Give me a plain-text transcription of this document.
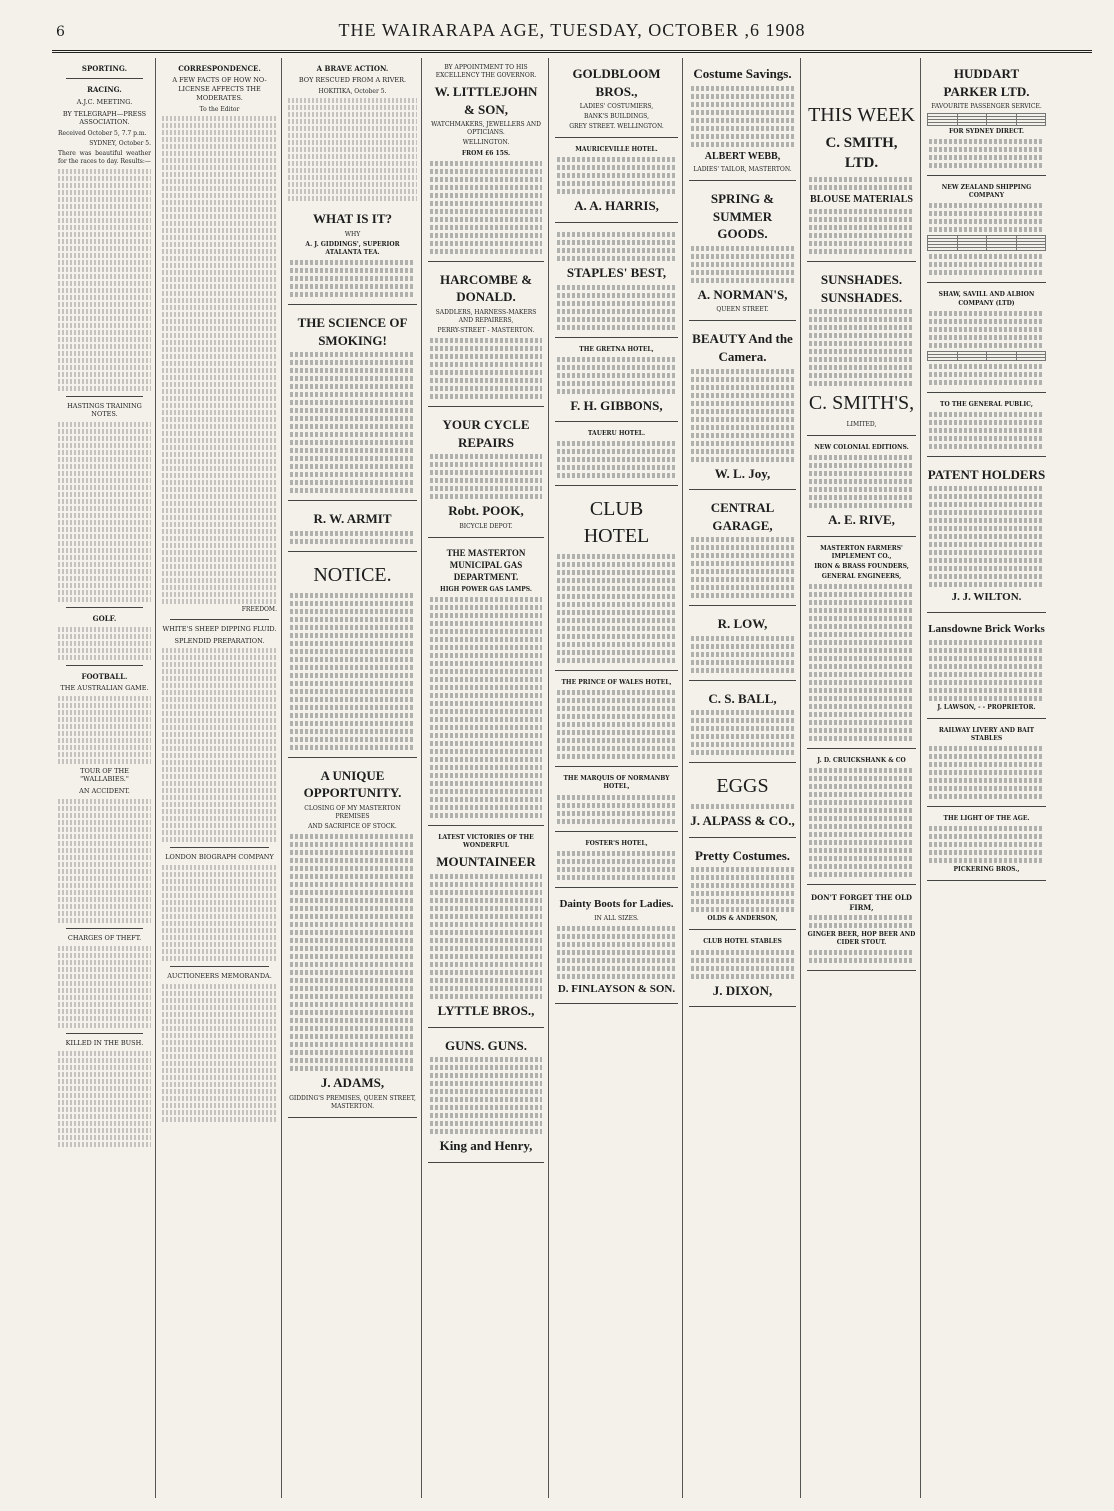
6	THE WAIRARAPA AGE, TUESDAY, OCTOBER ,6 1908
SPORTING.
RACING.
A.J.C. MEETING.
BY TELEGRAPH—PRESS ASSOCIATION.
Received October 5, 7.7 p.m.
SYDNEY, October 5.
There was beautiful weather for the races to day. Results:—
HASTINGS TRAINING NOTES.
GOLF.
FOOTBALL.
THE AUSTRALIAN GAME.
TOUR OF THE "WALLABIES."
AN ACCIDENT.
CHARGES OF THEFT.
KILLED IN THE BUSH.
CORRESPONDENCE.
A FEW FACTS OF HOW NO-LICENSE AFFECTS THE MODERATES.
To the Editor
FREEDOM.
WHITE'S SHEEP DIPPING FLUID.
SPLENDID PREPARATION.
LONDON BIOGRAPH COMPANY
AUCTIONEERS MEMORANDA.
A BRAVE ACTION.
BOY RESCUED FROM A RIVER.
HOKITIKA, October 5.
WHAT IS IT?
WHY
A. J. GIDDINGS', SUPERIOR ATALANTA TEA.
THE SCIENCE OF SMOKING!
R. W. ARMIT
NOTICE.
A UNIQUE OPPORTUNITY.
CLOSING OF MY MASTERTON PREMISES
AND SACRIFICE OF STOCK.
J. ADAMS,
GIDDING'S PREMISES, QUEEN STREET, MASTERTON.
BY APPOINTMENT TO HIS EXCELLENCY THE GOVERNOR.
W. LITTLEJOHN & SON,
WATCHMAKERS, JEWELLERS AND OPTICIANS.
WELLINGTON.
FROM £6 15S.
HARCOMBE & DONALD.
SADDLERS, HARNESS-MAKERS AND REPAIRERS,
PERRY-STREET - MASTERTON.
YOUR CYCLE REPAIRS
Robt. POOK,
BICYCLE DEPOT.
THE MASTERTON MUNICIPAL GAS DEPARTMENT.
HIGH POWER GAS LAMPS.
LATEST VICTORIES OF THE WONDERFUL
MOUNTAINEER
LYTTLE BROS.,
GUNS. GUNS.
King and Henry,
GOLDBLOOM BROS.,
LADIES' COSTUMIERS,
BANK'S BUILDINGS,
GREY STREET. WELLINGTON.
MAURICEVILLE HOTEL.
A. A. HARRIS,
STAPLES' BEST,
THE GRETNA HOTEL,
F. H. GIBBONS,
TAUERU HOTEL.
CLUB HOTEL
THE PRINCE OF WALES HOTEL,
THE MARQUIS OF NORMANBY HOTEL,
FOSTER'S HOTEL,
Dainty Boots for Ladies.
IN ALL SIZES.
D. FINLAYSON & SON.
Costume Savings.
ALBERT WEBB,
LADIES' TAILOR, MASTERTON.
SPRING & SUMMER GOODS.
A. NORMAN'S,
QUEEN STREET.
BEAUTY And the Camera.
W. L. Joy,
CENTRAL GARAGE,
R. LOW,
C. S. BALL,
EGGS
J. ALPASS & CO.,
Pretty Costumes.
OLDS & ANDERSON,
CLUB HOTEL STABLES
J. DIXON,
THIS WEEK
C. SMITH, LTD.
BLOUSE MATERIALS
SUNSHADES. SUNSHADES.
C. SMITH'S,
LIMITED,
NEW COLONIAL EDITIONS.
A. E. RIVE,
MASTERTON FARMERS' IMPLEMENT CO.,
IRON & BRASS FOUNDERS,
GENERAL ENGINEERS,
J. D. CRUICKSHANK & CO
DON'T FORGET THE OLD FIRM,
GINGER BEER, HOP BEER AND CIDER STOUT.
HUDDART PARKER LTD.
FAVOURITE PASSENGER SERVICE.

FOR SYDNEY DIRECT.
NEW ZEALAND SHIPPING COMPANY

SHAW, SAVILL AND ALBION COMPANY (LTD)

TO THE GENERAL PUBLIC,
PATENT HOLDERS
J. J. WILTON.
Lansdowne Brick Works
J. LAWSON, - - PROPRIETOR.
RAILWAY LIVERY AND BAIT STABLES
THE LIGHT OF THE AGE.
PICKERING BROS.,
